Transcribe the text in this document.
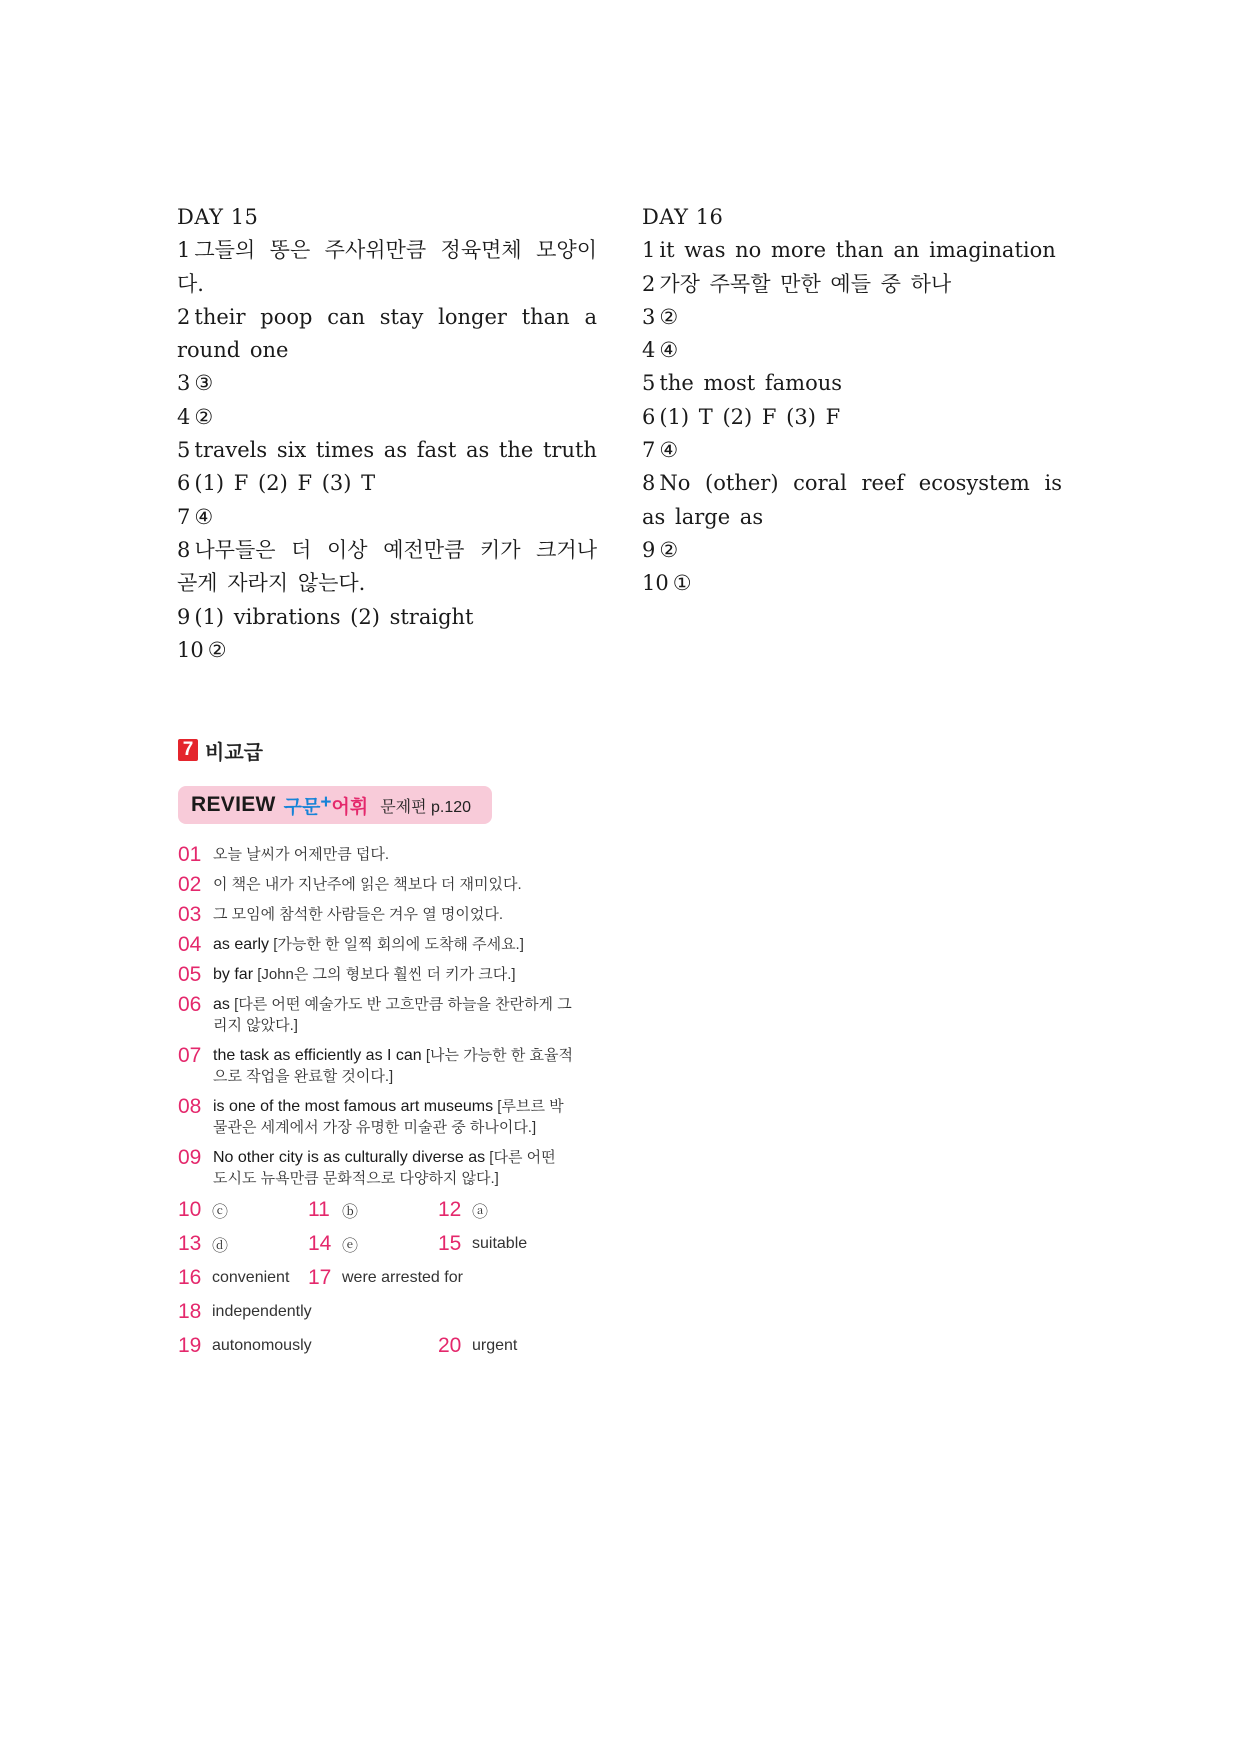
DAY 15
1 그들의 똥은 주사위만큼 정육면체 모양이다.
2 their poop can stay longer than a round one
3 ③
4 ②
5 travels six times as fast as the truth
6 (1) F (2) F (3) T
7 ④
8 나무들은 더 이상 예전만큼 키가 크거나 곧게 자라지 않는다.
9 (1) vibrations (2) straight
10 ②
DAY 16
1 it was no more than an imagination
2 가장 주목할 만한 예들 중 하나
3 ②
4 ④
5 the most famous
6 (1) T (2) F (3) F
7 ④
8 No (other) coral reef ecosystem is as large as
9 ②
10 ①
7 비교급
REVIEW 구문 + 어휘 문제편 p.120
01 오늘 날씨가 어제만큼 덥다.
02 이 책은 내가 지난주에 읽은 책보다 더 재미있다.
03 그 모임에 참석한 사람들은 겨우 열 명이었다.
04 as early [가능한 한 일찍 회의에 도착해 주세요.]
05 by far [John은 그의 형보다 훨씬 더 키가 크다.]
06 as [다른 어떤 예술가도 반 고흐만큼 하늘을 찬란하게 그리지 않았다.]
07 the task as efficiently as I can [나는 가능한 한 효율적으로 작업을 완료할 것이다.]
08 is one of the most famous art museums [루브르 박물관은 세계에서 가장 유명한 미술관 중 하나이다.]
09 No other city is as culturally diverse as [다른 어떤 도시도 뉴욕만큼 문화적으로 다양하지 않다.]
10 ⓒ	11 ⓑ	12 ⓐ
13 ⓓ	14 ⓔ	15 suitable
16 convenient 17 were arrested for
18 independently
19 autonomously	20 urgent
